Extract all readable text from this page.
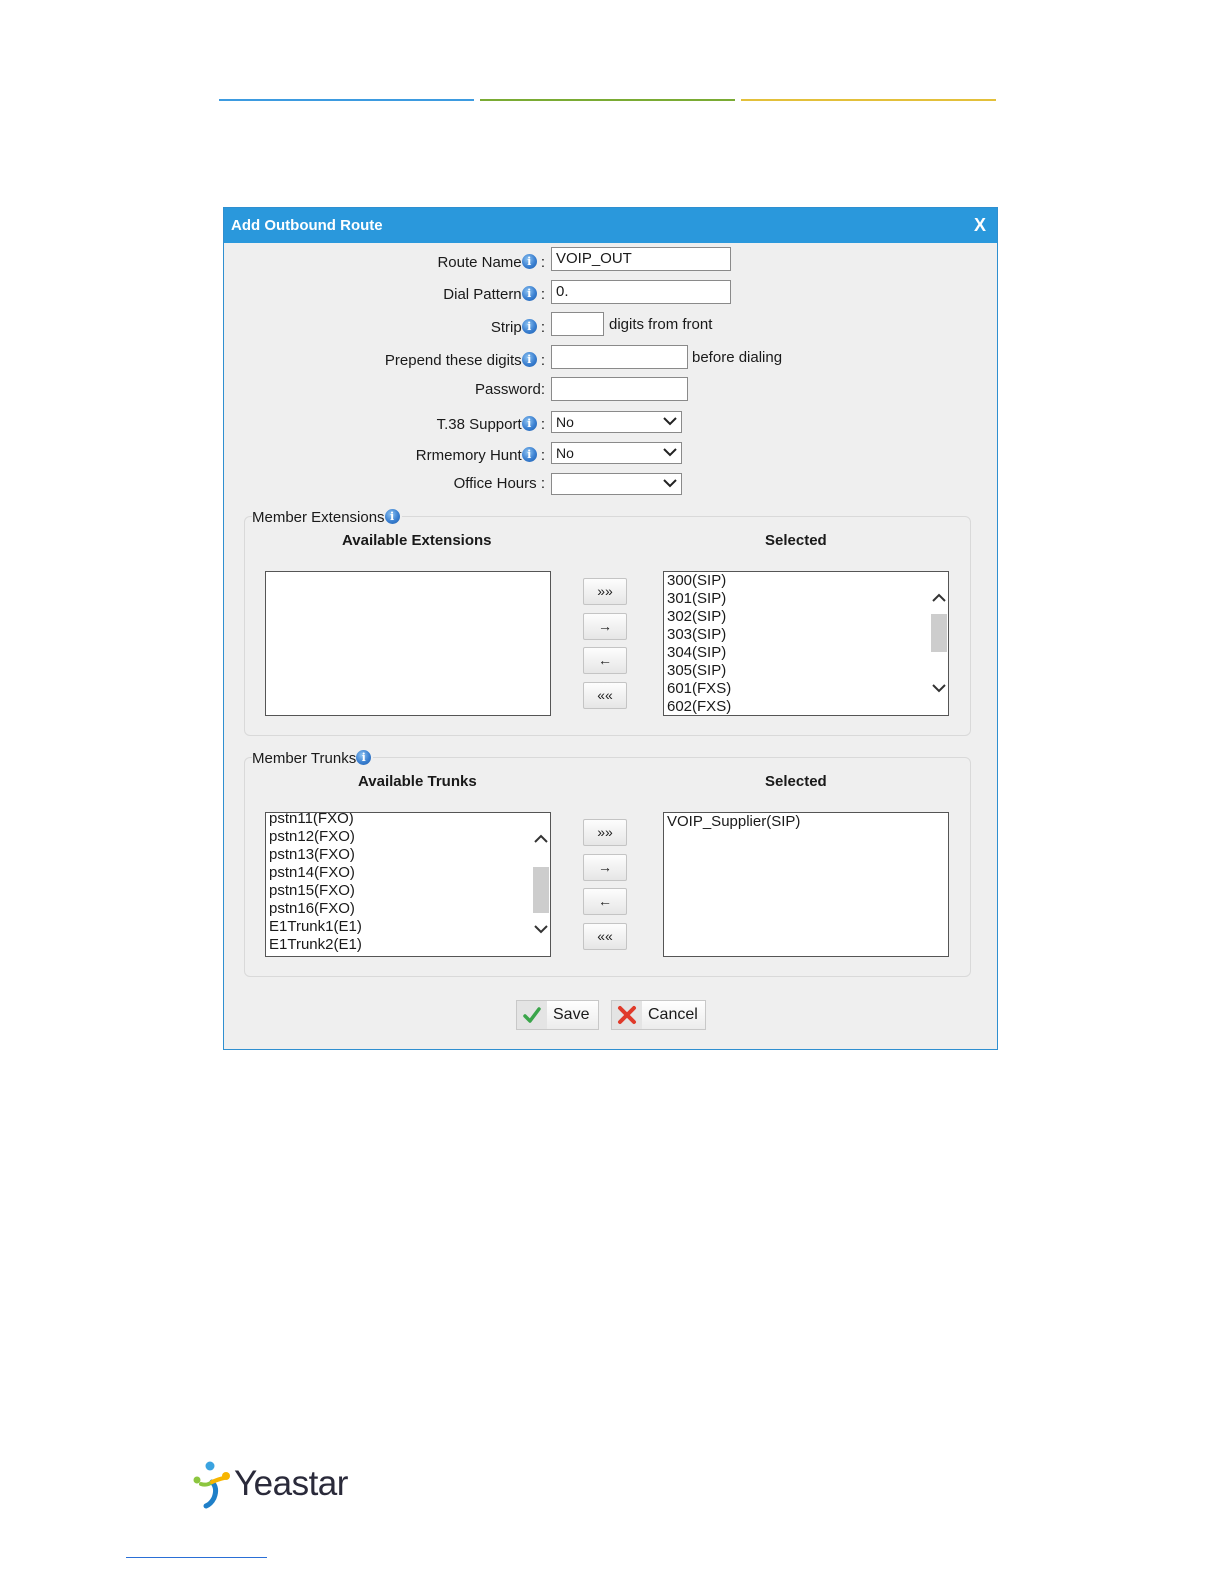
Add Outbound Route	X
Route Name i : VOIP_OUT
Dial Pattern i : 0.
Strip i :	digits from front
Prepend these digits i :	before dialing
Password:
T.38 Support i : No
Rrmemory Hunt i : No
Office Hours :
Member Extensions i
Available Extensions	Selected
»»
→
←
««
300(SIP)
301(SIP)
302(SIP)
303(SIP)
304(SIP)
305(SIP)
601(FXS)
602(FXS)
Member Trunks i
Available Trunks	Selected
pstn11(FXO)
pstn12(FXO)
pstn13(FXO)
pstn14(FXO)
pstn15(FXO)
pstn16(FXO)
E1Trunk1(E1)
E1Trunk2(E1)
»»
→
←
««
VOIP_Supplier(SIP)
Save	Cancel
Yeastar
